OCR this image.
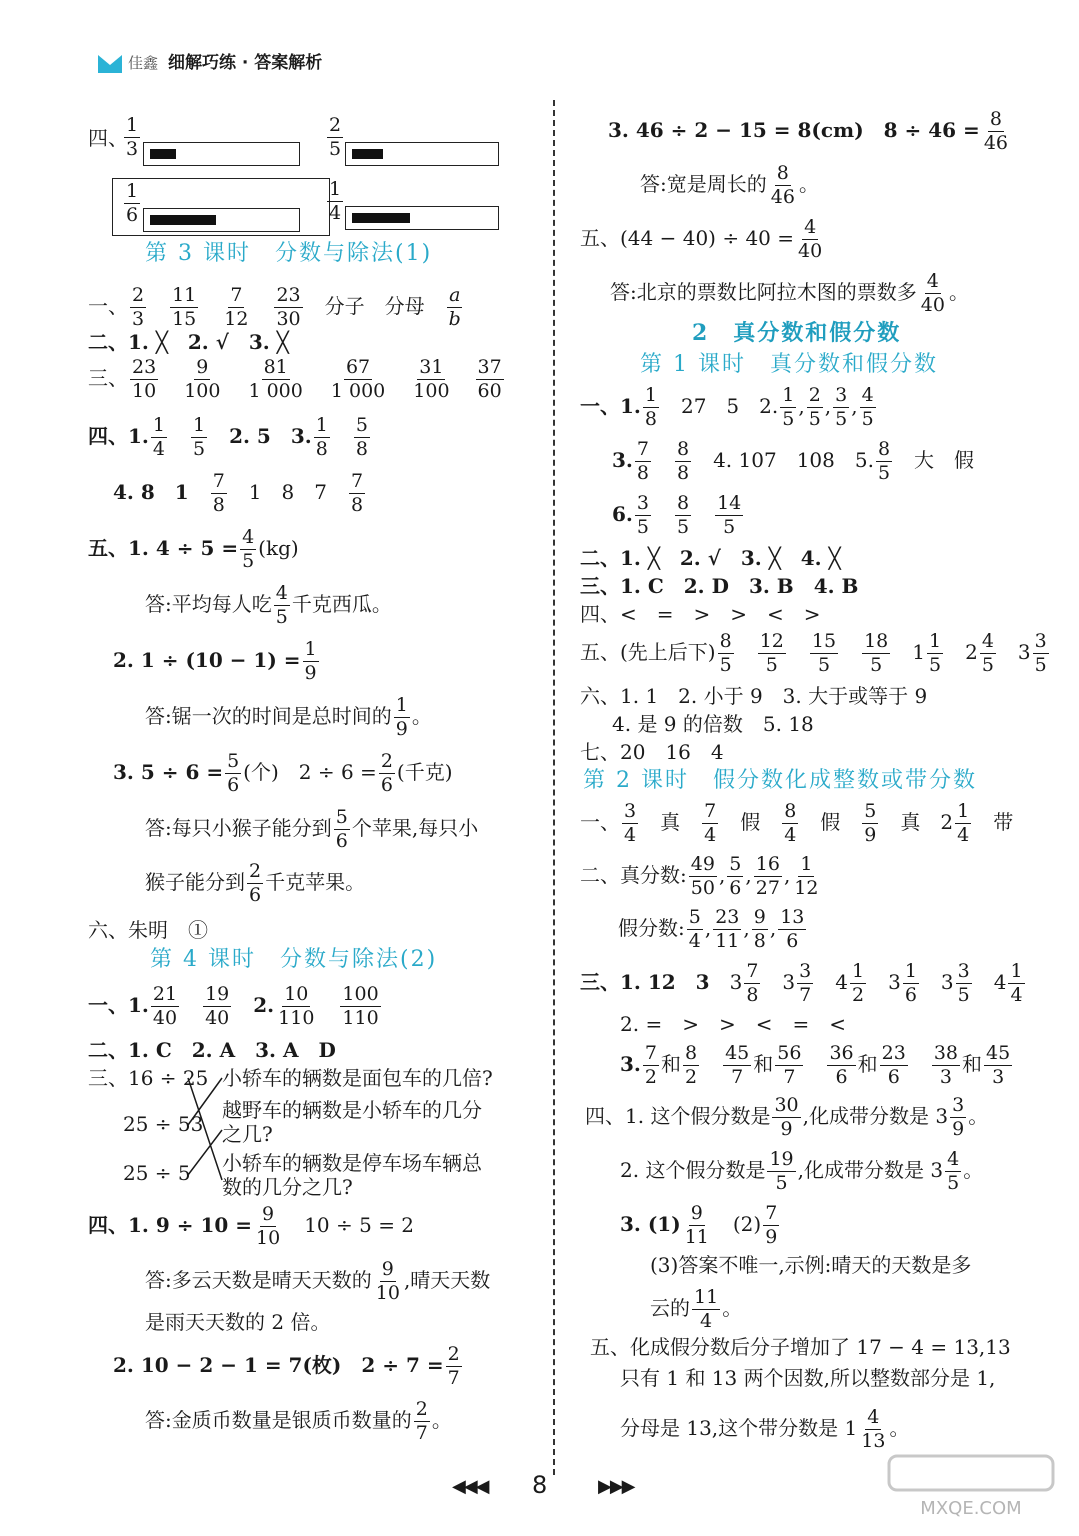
佳鑫 细解巧练 · 答案解析
四、
$\frac{1}{3}$	$\frac{2}{5}$
$\frac{1}{6}$	$\frac{1}{4}$
第 3 课时　分数与除法(1)
一、 $\frac{2}{3}$
　 $\frac{11}{15}$
　 $\frac{7}{12}$
　 $\frac{23}{30}$
　 分子　分母　 $\frac{a}{b}$
二、1. ╳　2. √　3. ╳
三、 $\frac{23}{10}$
　 $\frac{9}{100}$
　 $\frac{81}{1 000}$
　 $\frac{67}{1 000}$
　 $\frac{31}{100}$
　 $\frac{37}{60}$
四、1. $\frac{1}{4}$
　 $\frac{1}{5}$
　 2. 5　3. $\frac{1}{8}$
　 $\frac{5}{8}$
4. 8　1　 $\frac{7}{8}$
　 1　8　7　 $\frac{7}{8}$
五、1. $4 \div 5 = \frac{4}{5} (kg)$
答:平均每人吃 $\frac{4}{5}$ 千克西瓜。
2. $1 \div (10 - 1) = \frac{1}{9}$
答:锯一次的时间是总时间的 $\frac{1}{9}$ 。
3. $5 \div 6 = \frac{5}{6}$ (个)　$2 \div 6 = \frac{2}{6}$ (千克)
答:每只小猴子能分到 $\frac{5}{6}$ 个苹果,每只小
猴子能分到 $\frac{2}{6}$ 千克苹果。
六、朱明　①
第 4 课时　分数与除法(2)
一、1. $\frac{21}{40}$
　 $\frac{19}{40}$
　 2. $\frac{10}{110}$
　 $\frac{100}{110}$
二、1. C　2. A　3. A　D
三、16 ÷ 25
25 ÷ 53
25 ÷ 5
小轿车的辆数是面包车的几倍?
越野车的辆数是小轿车的几分
之几?
小轿车的辆数是停车场车辆总
数的几分之几?
四、1. $9 \div 10 = \frac{9}{10}$
　 10 ÷ 5 = 2
答:多云天数是晴天天数的 $\frac{9}{10}$ ,晴天天数
是雨天天数的 2 倍。
2. 10 − 2 − 1 = 7(枚)　$2 \div 7 = \frac{2}{7}$
答:金质币数量是银质币数量的 $\frac{2}{7}$ 。
3. 46 ÷ 2 − 15 = 8(cm)　$8 \div 46 = \frac{8}{46}$
答:宽是周长的 $\frac{8}{46}$ 。
五、$(44 - 40) \div 40 = \frac{4}{40}$
答:北京的票数比阿拉木图的票数多 $\frac{4}{40}$ 。
2　真分数和假分数
第 1 课时　真分数和假分数
一、1. $\frac{1}{8}$
　 27　5　2. $\frac{1}{5}$ , $\frac{2}{5}$ , $\frac{3}{5}$ , $\frac{4}{5}$
3. $\frac{7}{8}$
　 $\frac{8}{8}$
　 4. 107　108　5. $\frac{8}{5}$
　 大　假
6. $\frac{3}{5}$
　 $\frac{8}{5}$
　 $\frac{14}{5}$
二、1. ╳　2. √　3. ╳　4. ╳
三、1. C　2. D　3. B　4. B
四、<　=　>　>　<　>
五、(先上后下) $\frac{8}{5}$
　 $\frac{12}{5}$
　 $\frac{15}{5}$
　 $\frac{18}{5}$ 　$1 \frac{1}{5}$ 　$2 \frac{4}{5}$ 　$3 \frac{3}{5}$
六、1. 1　2. 小于 9　3. 大于或等于 9
4. 是 9 的倍数　5. 18
七、20　16　4
第 2 课时　假分数化成整数或带分数
一、 $\frac{3}{4}$
　 真　 $\frac{7}{4}$
　 假　 $\frac{8}{4}$
　 假　 $\frac{5}{9}$
　 真　$2 \frac{1}{4}$
　 带
二、真分数: $\frac{49}{50}$ , $\frac{5}{6}$ , $\frac{16}{27}$ , $\frac{1}{12}$
假分数: $\frac{5}{4}$ , $\frac{23}{11}$ , $\frac{9}{8}$ , $\frac{13}{6}$
三、1. 12　3　$3 \frac{7}{8}$ 　$3 \frac{3}{7}$ 　$4 \frac{1}{2}$ 　$3 \frac{1}{6}$ 　$3 \frac{3}{5}$ 　$4 \frac{1}{4}$
2. =　>　>　<　=　<
3. $\frac{7}{2}$ 和 $\frac{8}{2}$
　 $\frac{45}{7}$ 和 $\frac{56}{7}$
　 $\frac{36}{6}$ 和 $\frac{23}{6}$
　 $\frac{38}{3}$ 和 $\frac{45}{3}$
四、1. 这个假分数是 $\frac{30}{9}$ ,化成带分数是 $3 \frac{3}{9}$ 。
2. 这个假分数是 $\frac{19}{5}$ ,化成带分数是 $3 \frac{4}{5}$ 。
3. $(1) \frac{9}{11}$
　 $(2) \frac{7}{9}$
(3)答案不唯一,示例:晴天的天数是多
云的 $\frac{11}{4}$ 。
五、化成假分数后分子增加了 17 − 4 = 13,13
只有 1 和 13 两个因数,所以整数部分是 1,
分母是 13,这个带分数是 $1 \frac{4}{13}$ 。
◀◀◀ 8	▶▶▶
MXQE.COM
